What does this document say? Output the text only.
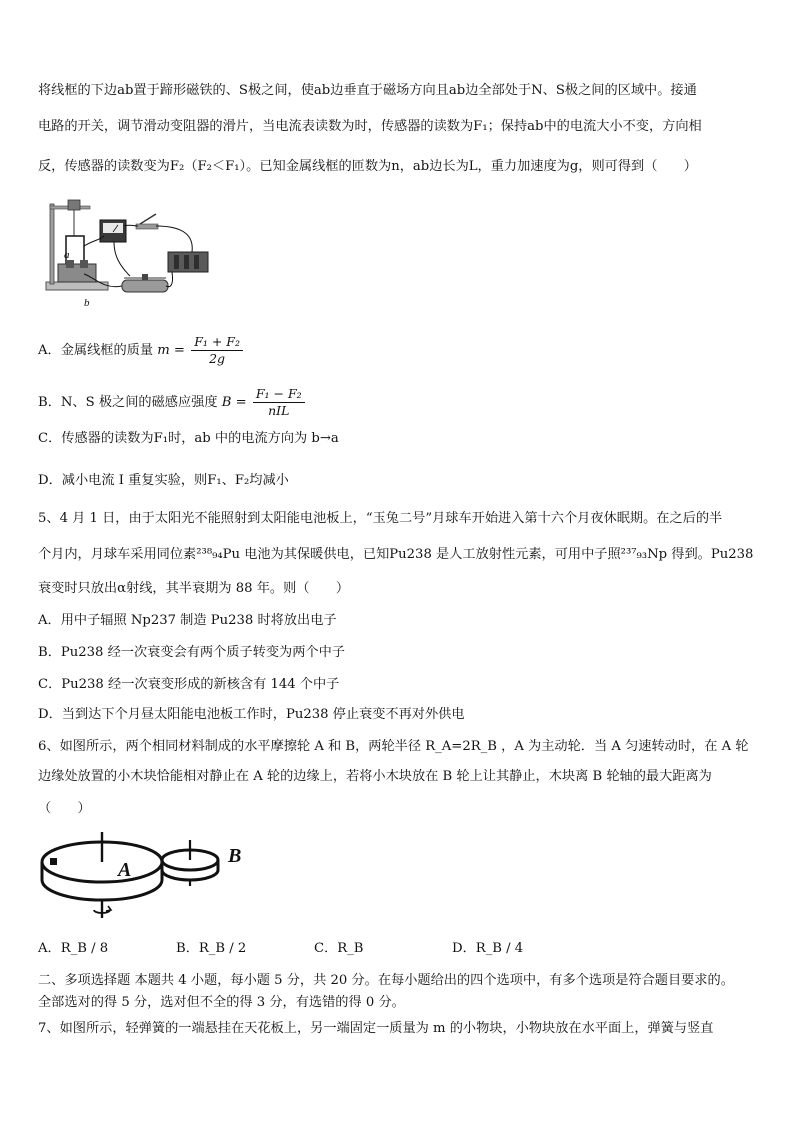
将线框的下边ab置于蹄形磁铁的、S极之间，使ab边垂直于磁场方向且ab边全部处于N、S极之间的区域中。接通
电路的开关，调节滑动变阻器的滑片，当电流表读数为时，传感器的读数为F₁；保持ab中的电流大小不变，方向相
反，传感器的读数变为F₂（F₂＜F₁）。已知金属线框的匝数为n，ab边长为L，重力加速度为g，则可得到（　　）
a
b
A．金属线框的质量 $m = \frac{\text{F₁ + F₂}}{2g}$
B．N、S 极之间的磁感应强度 $B = \frac{\text{F₁ − F₂}}{\text{nIL}}$
C．传感器的读数为F₁时，ab 中的电流方向为 b→a
D．减小电流 I 重复实验，则F₁、F₂均减小
5、4 月 1 日，由于太阳光不能照射到太阳能电池板上，“玉兔二号”月球车开始进入第十六个月夜休眠期。在之后的半
个月内，月球车采用同位素²³⁸₉₄Pu 电池为其保暖供电，已知Pu238 是人工放射性元素，可用中子照²³⁷₉₃Np 得到。Pu238
衰变时只放出α射线，其半衰期为 88 年。则（　　）
A．用中子辐照 Np237 制造 Pu238 时将放出电子
B．Pu238 经一次衰变会有两个质子转变为两个中子
C．Pu238 经一次衰变形成的新核含有 144 个中子
D．当到达下个月昼太阳能电池板工作时，Pu238 停止衰变不再对外供电
6、如图所示，两个相同材料制成的水平摩擦轮 A 和 B，两轮半径 R_A=2R_B ，A 为主动轮．当 A 匀速转动时，在 A 轮
边缘处放置的小木块恰能相对静止在 A 轮的边缘上，若将小木块放在 B 轮上让其静止，木块离 B 轮轴的最大距离为
（　　）
A
B
A．R_B / 8	B．R_B / 2	C．R_B	D．R_B / 4
二、多项选择题 本题共 4 小题，每小题 5 分，共 20 分。在每小题给出的四个选项中，有多个选项是符合题目要求的。
全部选对的得 5 分，选对但不全的得 3 分，有选错的得 0 分。
7、如图所示，轻弹簧的一端悬挂在天花板上，另一端固定一质量为 m 的小物块，小物块放在水平面上，弹簧与竖直
